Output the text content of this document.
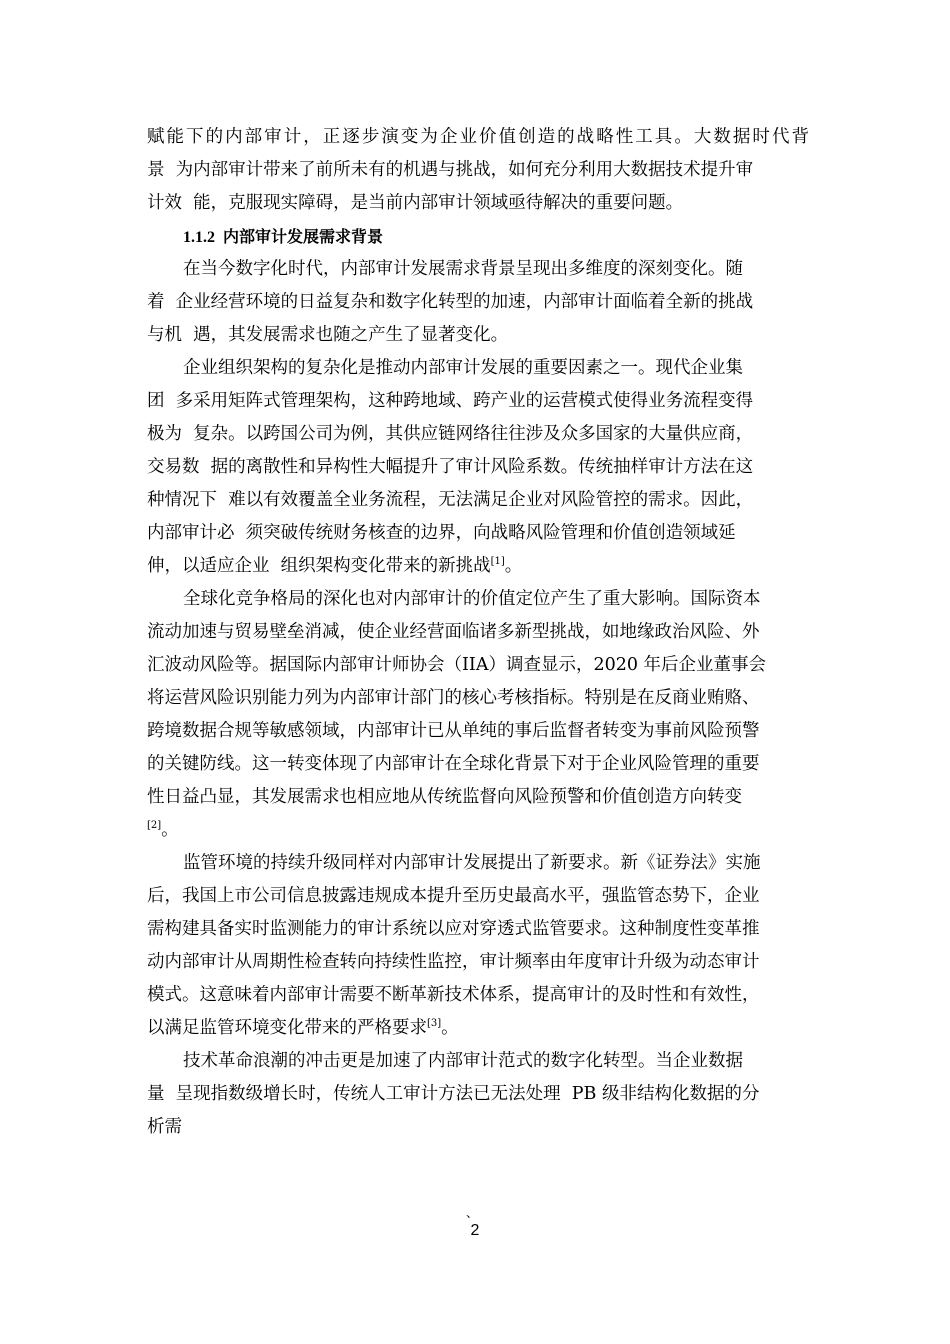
赋能下的内部审计，正逐步演变为企业价值创造的战略性工具。大数据时代背
景  为内部审计带来了前所未有的机遇与挑战，如何充分利用大数据技术提升审
计效  能，克服现实障碍，是当前内部审计领域亟待解决的重要问题。
1.1.2 内部审计发展需求背景
在当今数字化时代，内部审计发展需求背景呈现出多维度的深刻变化。随
着  企业经营环境的日益复杂和数字化转型的加速，内部审计面临着全新的挑战
与机  遇，其发展需求也随之产生了显著变化。
企业组织架构的复杂化是推动内部审计发展的重要因素之一。现代企业集
团  多采用矩阵式管理架构，这种跨地域、跨产业的运营模式使得业务流程变得
极为  复杂。以跨国公司为例，其供应链网络往往涉及众多国家的大量供应商，
交易数  据的离散性和异构性大幅提升了审计风险系数。传统抽样审计方法在这
种情况下  难以有效覆盖全业务流程，无法满足企业对风险管控的需求。因此，
内部审计必  须突破传统财务核查的边界，向战略风险管理和价值创造领域延
伸，以适应企业  组织架构变化带来的新挑战[1]。
全球化竞争格局的深化也对内部审计的价值定位产生了重大影响。国际资本
流动加速与贸易壁垒消减，使企业经营面临诸多新型挑战，如地缘政治风险、外
汇波动风险等。据国际内部审计师协会（IIA）调查显示，2020 年后企业董事会
将运营风险识别能力列为内部审计部门的核心考核指标。特别是在反商业贿赂、
跨境数据合规等敏感领域，内部审计已从单纯的事后监督者转变为事前风险预警
的关键防线。这一转变体现了内部审计在全球化背景下对于企业风险管理的重要
性日益凸显，其发展需求也相应地从传统监督向风险预警和价值创造方向转变
[2]。
监管环境的持续升级同样对内部审计发展提出了新要求。新《证券法》实施
后，我国上市公司信息披露违规成本提升至历史最高水平，强监管态势下，企业
需构建具备实时监测能力的审计系统以应对穿透式监管要求。这种制度性变革推
动内部审计从周期性检查转向持续性监控，审计频率由年度审计升级为动态审计
模式。这意味着内部审计需要不断革新技术体系，提高审计的及时性和有效性，
以满足监管环境变化带来的严格要求[3]。
技术革命浪潮的冲击更是加速了内部审计范式的数字化转型。当企业数据
量  呈现指数级增长时，传统人工审计方法已无法处理  PB 级非结构化数据的分
析需
、
2
